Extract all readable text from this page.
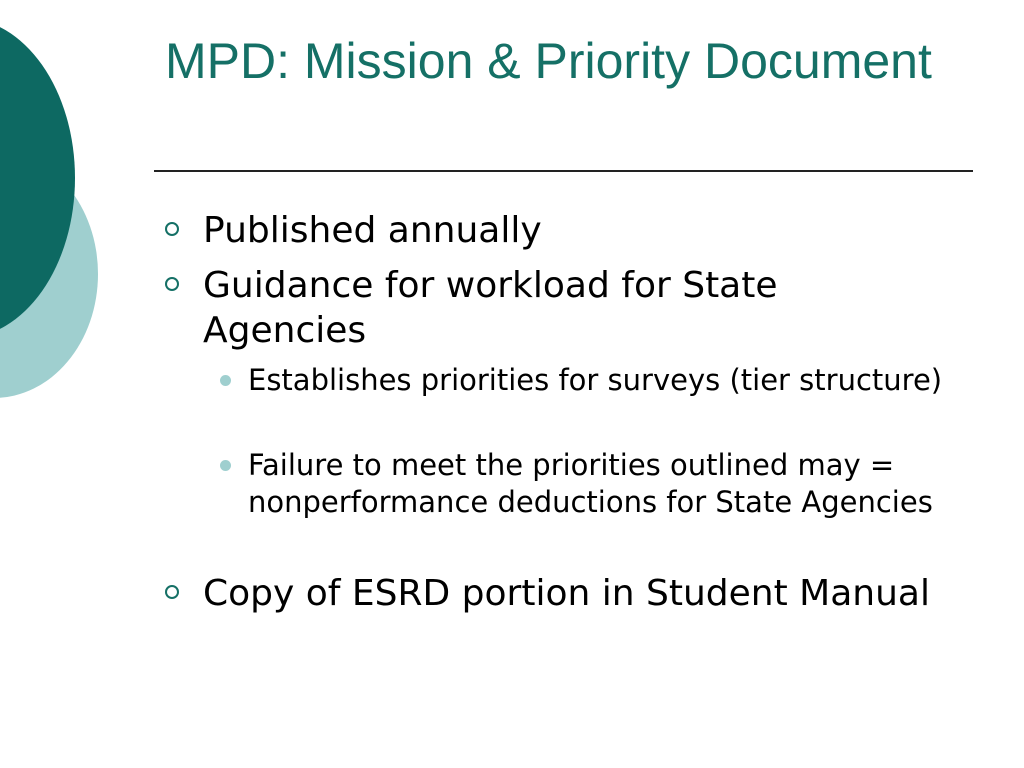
MPD: Mission & Priority Document
Published annually
Guidance for workload for State Agencies
Establishes priorities for surveys (tier structure)
Failure to meet the priorities outlined may = nonperformance deductions for State Agencies
Copy of ESRD portion in Student Manual
